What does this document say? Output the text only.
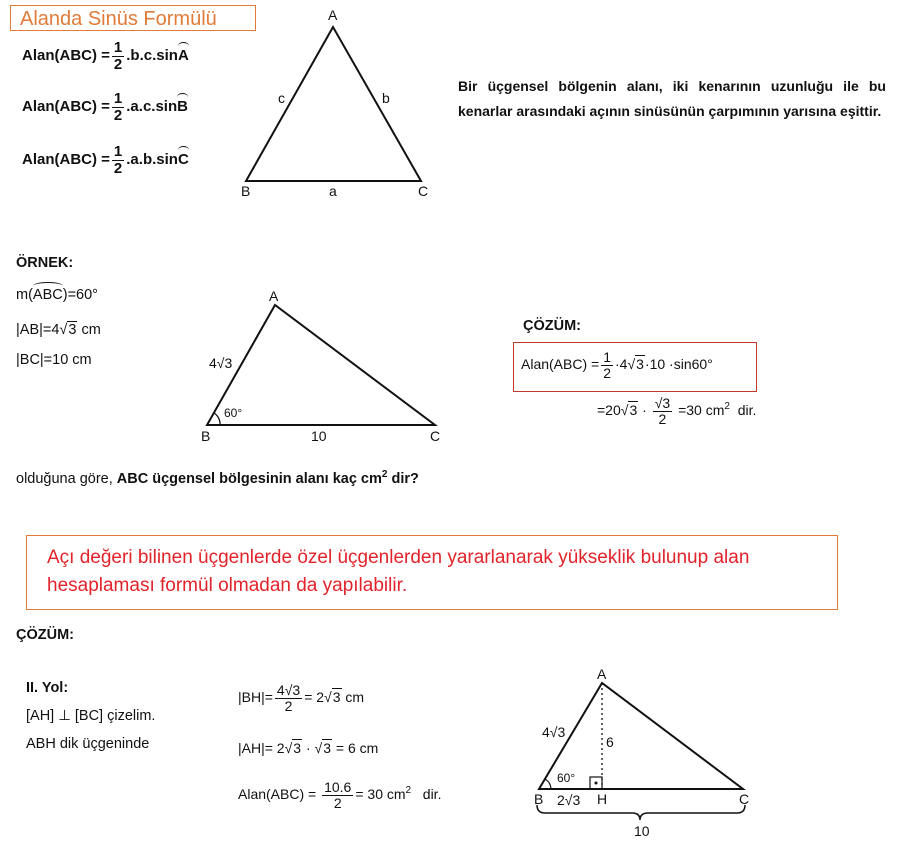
Alanda Sinüs Formülü
Alan(ABC) = $\frac{1}{2} .b.c.\sin A$
Alan(ABC) = $\frac{1}{2} .a.c.\sin B$
Alan(ABC) = $\frac{1}{2} .a.b.\sin C$
A
B	C
a
b
c
Bir üçgensel bölgenin alanı, iki kenarının uzunluğu ile bu kenarlar arasındaki açının sinüsünün çarpımının yarısına eşittir.
ÖRNEK:
m(ABC)=60°
|AB|=4√3 cm
|BC|=10 cm
A
B	C
4√3
10
60°
olduğuna göre, ABC üçgensel bölgesinin alanı kaç $cm^2$ dir?
ÇÖZÜM:
Alan(ABC) = $\frac{1}{2} \cdot 4√3\cdot 10 \cdot\sin 60^\circ$
$=20√3 \cdot \frac{√3}{2} =30$ $cm^2$ dir.
Açı değeri bilinen üçgenlerde özel üçgenlerden yararlanarak yükseklik bulunup alan hesaplaması formül olmadan da yapılabilir.
ÇÖZÜM:
II. Yol:
[AH] ⊥ [BC] çizelim.
ABH dik üçgeninde
$|BH|= \frac{4√3}{2} = 2√3$ cm
|AH|= 2√3 · √3 = 6 cm
Alan(ABC) = $\frac{10.6}{2} = 30$ $cm^2$ dir.
A
B	C
H
4√3
6
2√3
60°
10
